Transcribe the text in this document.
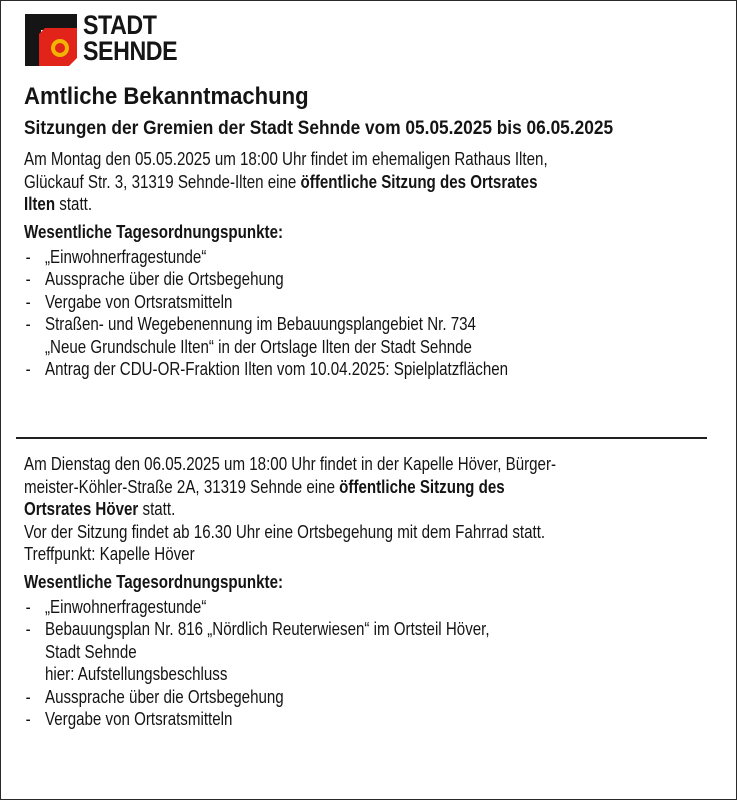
STADT
SEHNDE
Amtliche Bekanntmachung
Sitzungen der Gremien der Stadt Sehnde vom 05.05.2025 bis 06.05.2025

Am Montag den 05.05.2025 um 18:00 Uhr findet im ehemaligen Rathaus Ilten,

Glückauf Str. 3, 31319 Sehnde-Ilten eine öffentliche Sitzung des Ortsrates

Ilten statt.

Wesentliche Tagesordnungspunkte:
- „Einwohnerfragestunde“
- Aussprache über die Ortsbegehung
- Vergabe von Ortsratsmitteln
- Straßen- und Wegebenennung im Bebauungsplangebiet Nr. 734
„Neue Grundschule Ilten“ in der Ortslage Ilten der Stadt Sehnde
- Antrag der CDU-OR-Fraktion Ilten vom 10.04.2025: Spielplatzflächen

Am Dienstag den 06.05.2025 um 18:00 Uhr findet in der Kapelle Höver, Bürger-

meister-Köhler-Straße 2A, 31319 Sehnde eine öffentliche Sitzung des

Ortsrates Höver statt.

Vor der Sitzung findet ab 16.30 Uhr eine Ortsbegehung mit dem Fahrrad statt.

Treffpunkt: Kapelle Höver

Wesentliche Tagesordnungspunkte:
- „Einwohnerfragestunde“
- Bebauungsplan Nr. 816 „Nördlich Reuterwiesen“ im Ortsteil Höver,
Stadt Sehnde
hier: Aufstellungsbeschluss
- Aussprache über die Ortsbegehung
- Vergabe von Ortsratsmitteln
